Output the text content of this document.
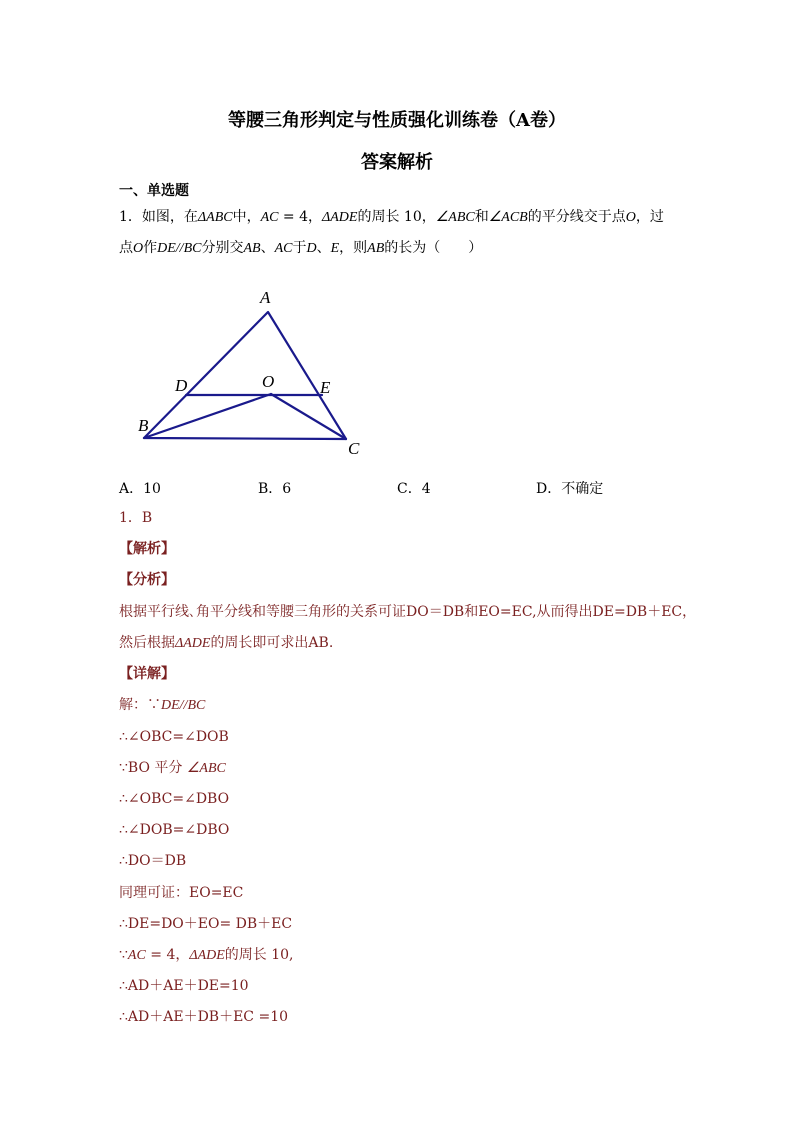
等腰三角形判定与性质强化训练卷（A卷）
答案解析
一、单选题
1．如图，在ΔABC中，AC = 4，ΔADE的周长 10，∠ABC和∠ACB的平分线交于点O，过
点O作DE//BC分别交AB、AC于D、E，则AB的长为（　　）
A
D	O	E
B
C
A．10	B．6	C．4	D．不确定
1．B
【解析】
【分析】
根据平行线､角平分线和等腰三角形的关系可证DO＝DB和EO=EC,从而得出DE=DB＋EC，
然后根据ΔADE的周长即可求出AB.
【详解】
解：∵DE//BC
∴∠OBC=∠DOB
∵BO 平分 ∠ABC
∴∠OBC=∠DBO
∴∠DOB=∠DBO
∴DO＝DB
同理可证：EO=EC
∴DE=DO＋EO= DB＋EC
∵AC = 4，ΔADE的周长 10,
∴AD＋AE＋DE=10
∴AD＋AE＋DB＋EC =10
